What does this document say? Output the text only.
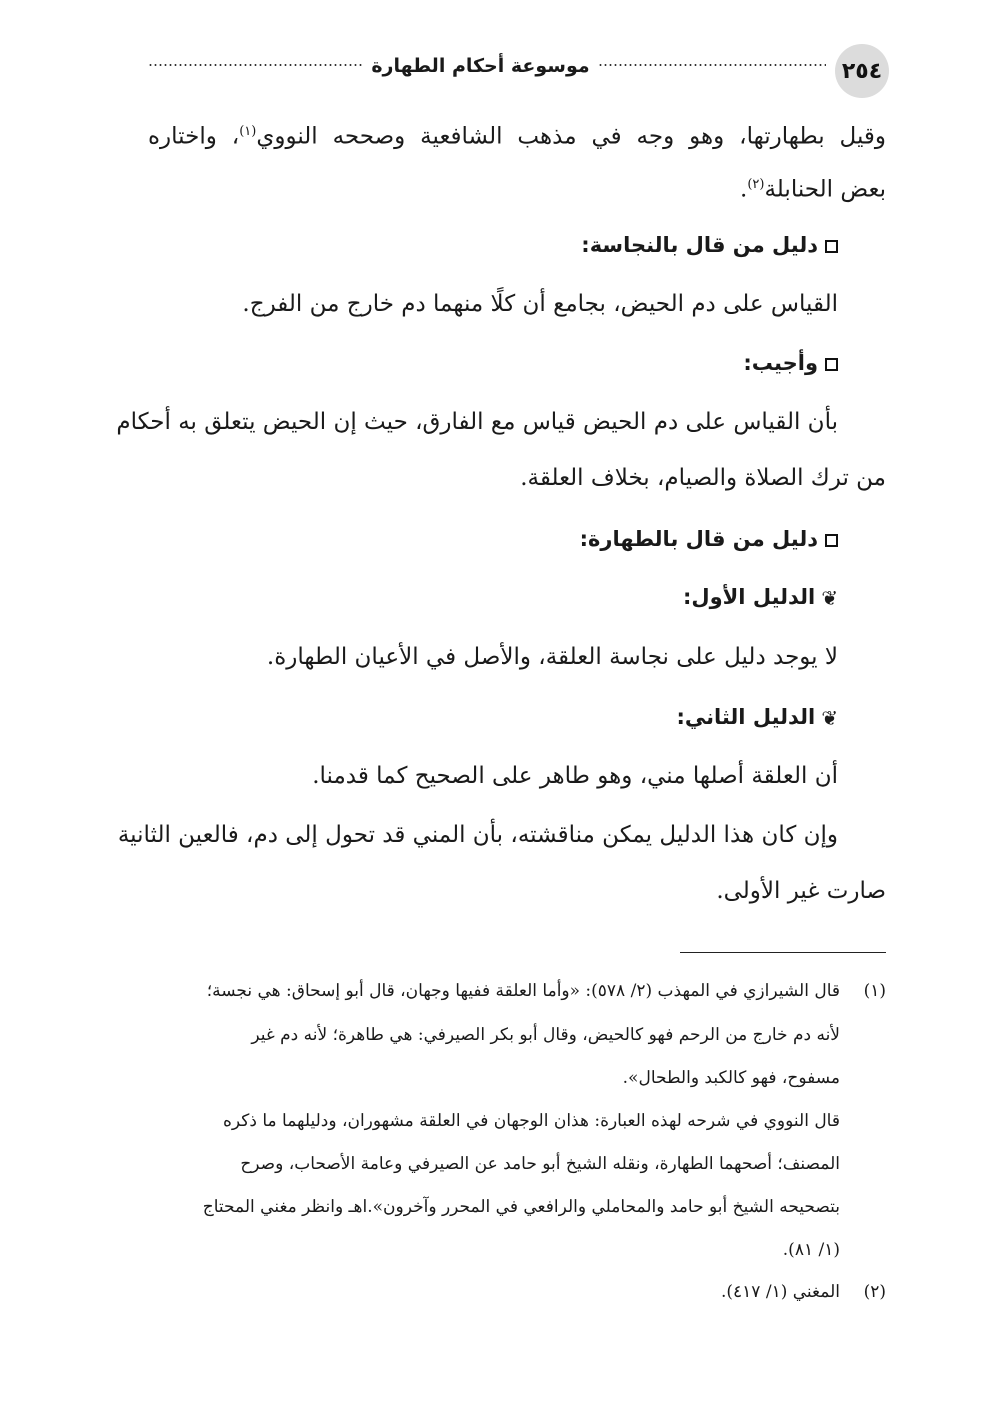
٢٥٤
موسوعة أحكام الطهارة
وقيل بطهارتها، وهو وجه في مذهب الشافعية وصححه النووي$^{(١)}$، واختاره
بعض الحنابلة$^{(٢)}$.
دليل من قال بالنجاسة:
القياس على دم الحيض، بجامع أن كلًا منهما دم خارج من الفرج.
وأجيب:
بأن القياس على دم الحيض قياس مع الفارق، حيث إن الحيض يتعلق به أحكام
من ترك الصلاة والصيام، بخلاف العلقة.
دليل من قال بالطهارة:
❦الدليل الأول:
لا يوجد دليل على نجاسة العلقة، والأصل في الأعيان الطهارة.
❦الدليل الثاني:
أن العلقة أصلها مني، وهو طاهر على الصحيح كما قدمنا.
وإن كان هذا الدليل يمكن مناقشته، بأن المني قد تحول إلى دم، فالعين الثانية
صارت غير الأولى.
(١)
قال الشيرازي في المهذب (٢/ ٥٧٨): «وأما العلقة ففيها وجهان، قال أبو إسحاق: هي نجسة؛
لأنه دم خارج من الرحم فهو كالحيض، وقال أبو بكر الصيرفي: هي طاهرة؛ لأنه دم غير
مسفوح، فهو كالكبد والطحال».
قال النووي في شرحه لهذه العبارة: هذان الوجهان في العلقة مشهوران، ودليلهما ما ذكره
المصنف؛ أصحهما الطهارة، ونقله الشيخ أبو حامد عن الصيرفي وعامة الأصحاب، وصرح
بتصحيحه الشيخ أبو حامد والمحاملي والرافعي في المحرر وآخرون».اهـ وانظر مغني المحتاج
(١/ ٨١).
(٢)
المغني (١/ ٤١٧).
